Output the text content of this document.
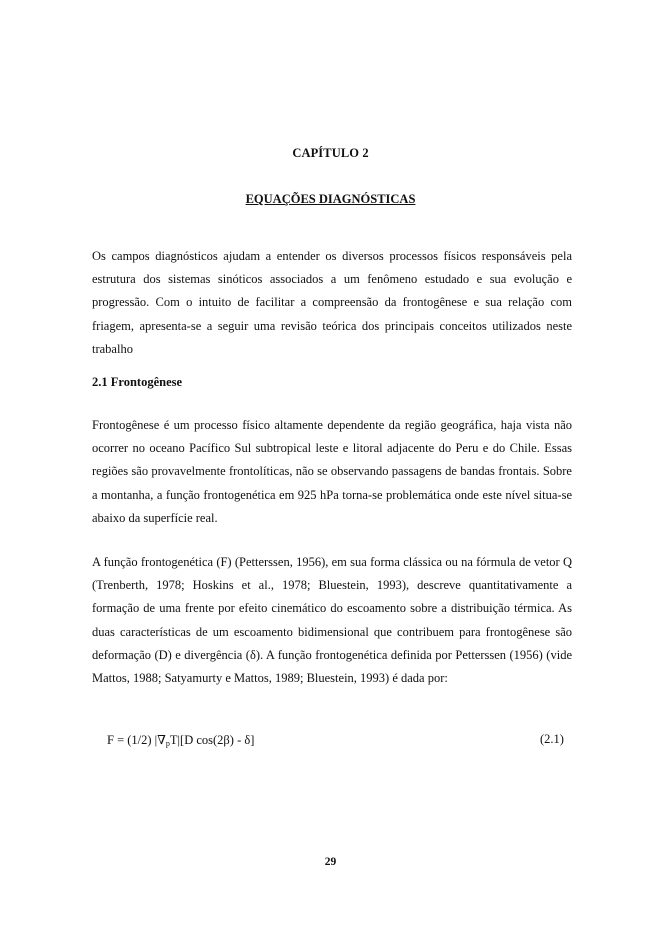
CAPÍTULO 2
EQUAÇÕES DIAGNÓSTICAS

Os campos diagnósticos ajudam a entender os diversos processos físicos responsáveis pela estrutura dos sistemas sinóticos associados a um fenômeno estudado e sua evolução e progressão. Com o intuito de facilitar a compreensão da frontogênese e sua relação com friagem, apresenta-se a seguir uma revisão teórica dos principais conceitos utilizados neste trabalho

2.1 Frontogênese

Frontogênese é um processo físico altamente dependente da região geográfica, haja vista não ocorrer no oceano Pacífico Sul subtropical leste e litoral adjacente do Peru e do Chile. Essas regiões são provavelmente frontolíticas, não se observando passagens de bandas frontais. Sobre a montanha, a função frontogenética em 925 hPa torna-se problemática onde este nível situa-se abaixo da superfície real.

A função frontogenética (F) (Petterssen, 1956), em sua forma clássica ou na fórmula de vetor Q (Trenberth, 1978; Hoskins et al., 1978; Bluestein, 1993), descreve quantitativamente a formação de uma frente por efeito cinemático do escoamento sobre a distribuição térmica. As duas características de um escoamento bidimensional que contribuem para frontogênese são deformação (D) e divergência (δ). A função frontogenética definida por Petterssen (1956) (vide Mattos, 1988; Satyamurty e Mattos, 1989; Bluestein, 1993) é dada por:

F = (1/2) $|\nabla_pT|[D$ cos(2β) - δ]	(2.1)
29
